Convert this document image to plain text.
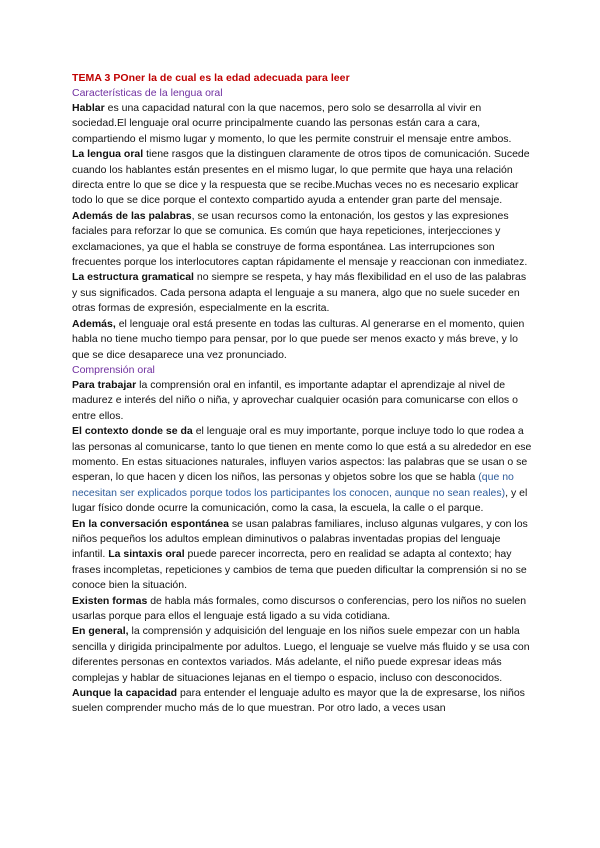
TEMA 3 POner la de cual es la edad adecuada para leer

Características de la lengua oral

Hablar es una capacidad natural con la que nacemos, pero solo se desarrolla al vivir en sociedad.El lenguaje oral ocurre principalmente cuando las personas están cara a cara, compartiendo el mismo lugar y momento, lo que les permite construir el mensaje entre ambos.

La lengua oral tiene rasgos que la distinguen claramente de otros tipos de comunicación. Sucede cuando los hablantes están presentes en el mismo lugar, lo que permite que haya una relación directa entre lo que se dice y la respuesta que se recibe.Muchas veces no es necesario explicar todo lo que se dice porque el contexto compartido ayuda a entender gran parte del mensaje.

Además de las palabras, se usan recursos como la entonación, los gestos y las expresiones faciales para reforzar lo que se comunica. Es común que haya repeticiones, interjecciones y exclamaciones, ya que el habla se construye de forma espontánea. Las interrupciones son frecuentes porque los interlocutores captan rápidamente el mensaje y reaccionan con inmediatez.

La estructura gramatical no siempre se respeta, y hay más flexibilidad en el uso de las palabras y sus significados. Cada persona adapta el lenguaje a su manera, algo que no suele suceder en otras formas de expresión, especialmente en la escrita.

Además, el lenguaje oral está presente en todas las culturas. Al generarse en el momento, quien habla no tiene mucho tiempo para pensar, por lo que puede ser menos exacto y más breve, y lo que se dice desaparece una vez pronunciado.

Comprensión oral

Para trabajar la comprensión oral en infantil, es importante adaptar el aprendizaje al nivel de madurez e interés del niño o niña, y aprovechar cualquier ocasión para comunicarse con ellos o entre ellos.

El contexto donde se da el lenguaje oral es muy importante, porque incluye todo lo que rodea a las personas al comunicarse, tanto lo que tienen en mente como lo que está a su alrededor en ese momento. En estas situaciones naturales, influyen varios aspectos: las palabras que se usan o se esperan, lo que hacen y dicen los niños, las personas y objetos sobre los que se habla (que no necesitan ser explicados porque todos los participantes los conocen, aunque no sean reales), y el lugar físico donde ocurre la comunicación, como la casa, la escuela, la calle o el parque.

En la conversación espontánea se usan palabras familiares, incluso algunas vulgares, y con los niños pequeños los adultos emplean diminutivos o palabras inventadas propias del lenguaje infantil. La sintaxis oral puede parecer incorrecta, pero en realidad se adapta al contexto; hay frases incompletas, repeticiones y cambios de tema que pueden dificultar la comprensión si no se conoce bien la situación.

Existen formas de habla más formales, como discursos o conferencias, pero los niños no suelen usarlas porque para ellos el lenguaje está ligado a su vida cotidiana.

En general, la comprensión y adquisición del lenguaje en los niños suele empezar con un habla sencilla y dirigida principalmente por adultos. Luego, el lenguaje se vuelve más fluido y se usa con diferentes personas en contextos variados. Más adelante, el niño puede expresar ideas más complejas y hablar de situaciones lejanas en el tiempo o espacio, incluso con desconocidos.

Aunque la capacidad para entender el lenguaje adulto es mayor que la de expresarse, los niños suelen comprender mucho más de lo que muestran. Por otro lado, a veces usan
